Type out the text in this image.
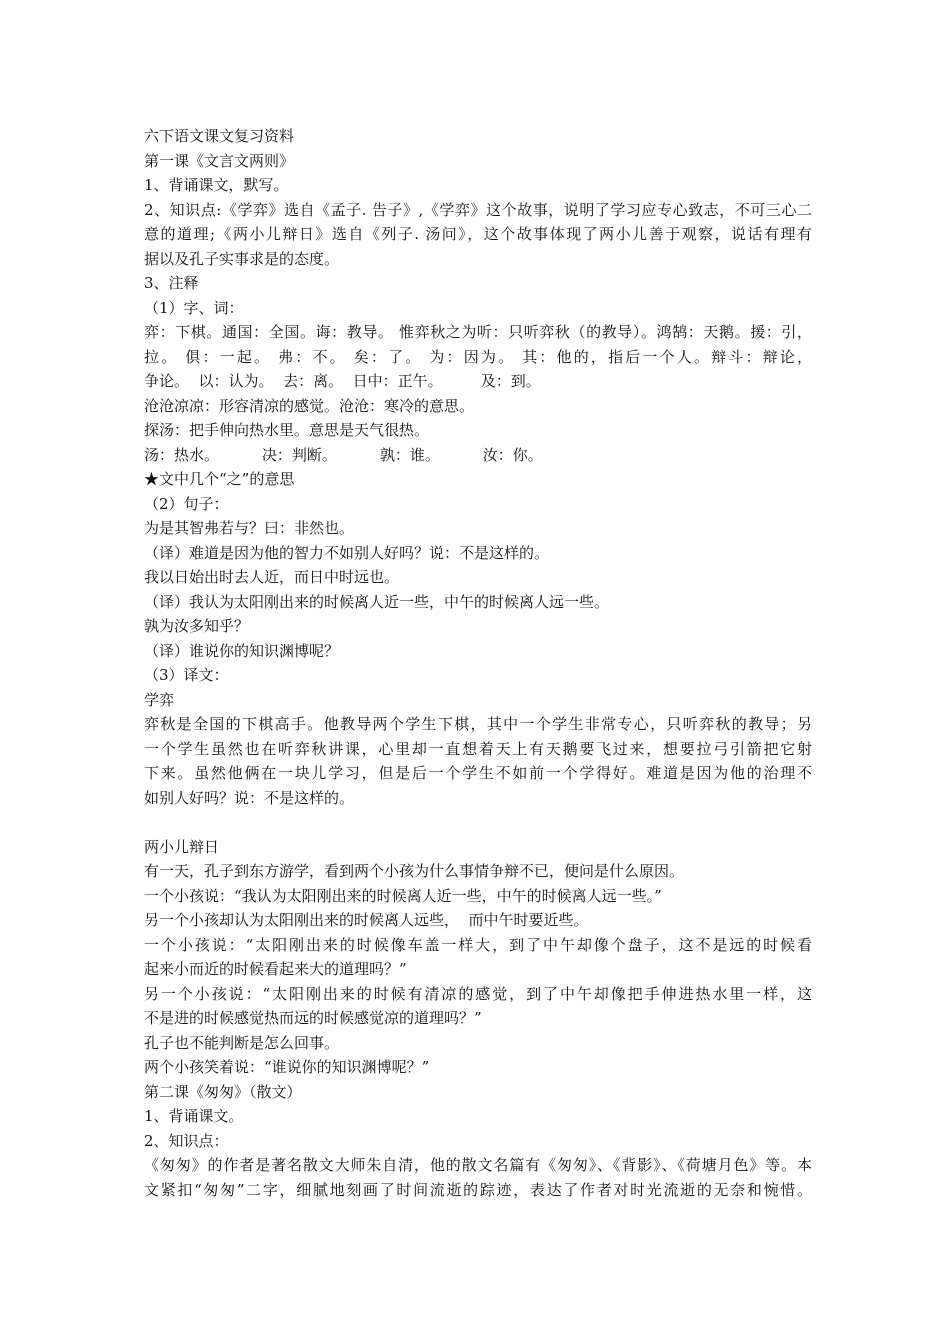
六下语文课文复习资料
第一课《文言文两则》
1、背诵课文，默写。
2、知识点:《学弈》选自《孟子. 告子》,《学弈》这个故事，说明了学习应专心致志，不可三心二
意的道理;《两小儿辩日》选自《列子. 汤问》，这个故事体现了两小儿善于观察，说话有理有
据以及孔子实事求是的态度。
3、注释
（1）字、词：
弈：下棋。通国：全国。诲：教导。 惟弈秋之为听：只听弈秋（的教导）。鸿鹄：天鹅。援：引，
拉。 俱：一起。 弗：不。 矣：了。 为：因为。 其：他的，指后一个人。辩斗：辩论，
争论。  以：认为。  去：离。  日中：正午。        及：到。
沧沧凉凉：形容清凉的感觉。沧沧：寒冷的意思。
探汤：把手伸向热水里。意思是天气很热。
汤：热水。         决：判断。         孰：谁。         汝：你。
★文中几个“之”的意思
（2）句子：
为是其智弗若与？曰：非然也。
（译）难道是因为他的智力不如别人好吗？说：不是这样的。
我以日始出时去人近，而日中时远也。
（译）我认为太阳刚出来的时候离人近一些，中午的时候离人远一些。
孰为汝多知乎？
（译）谁说你的知识渊博呢？
（3）译文：
学弈
弈秋是全国的下棋高手。他教导两个学生下棋，其中一个学生非常专心，只听弈秋的教导；另
一个学生虽然也在听弈秋讲课，心里却一直想着天上有天鹅要飞过来，想要拉弓引箭把它射
下来。虽然他俩在一块儿学习，但是后一个学生不如前一个学得好。难道是因为他的治理不
如别人好吗？说：不是这样的。
两小儿辩日
有一天，孔子到东方游学，看到两个小孩为什么事情争辩不已，便问是什么原因。
一个小孩说：“我认为太阳刚出来的时候离人近一些，中午的时候离人远一些。”
另一个小孩却认为太阳刚出来的时候离人远些，  而中午时要近些。
一个小孩说：“太阳刚出来的时候像车盖一样大，到了中午却像个盘子，这不是远的时候看
起来小而近的时候看起来大的道理吗？”
另一个小孩说：“太阳刚出来的时候有清凉的感觉，到了中午却像把手伸进热水里一样，这
不是进的时候感觉热而远的时候感觉凉的道理吗？”
孔子也不能判断是怎么回事。
两个小孩笑着说：“谁说你的知识渊博呢？”
第二课《匆匆》（散文）
1、背诵课文。
2、知识点：
《匆匆》的作者是著名散文大师朱自清，他的散文名篇有《匆匆》、《背影》、《荷塘月色》等。本
文紧扣“匆匆”二字，细腻地刻画了时间流逝的踪迹，表达了作者对时光流逝的无奈和惋惜。
